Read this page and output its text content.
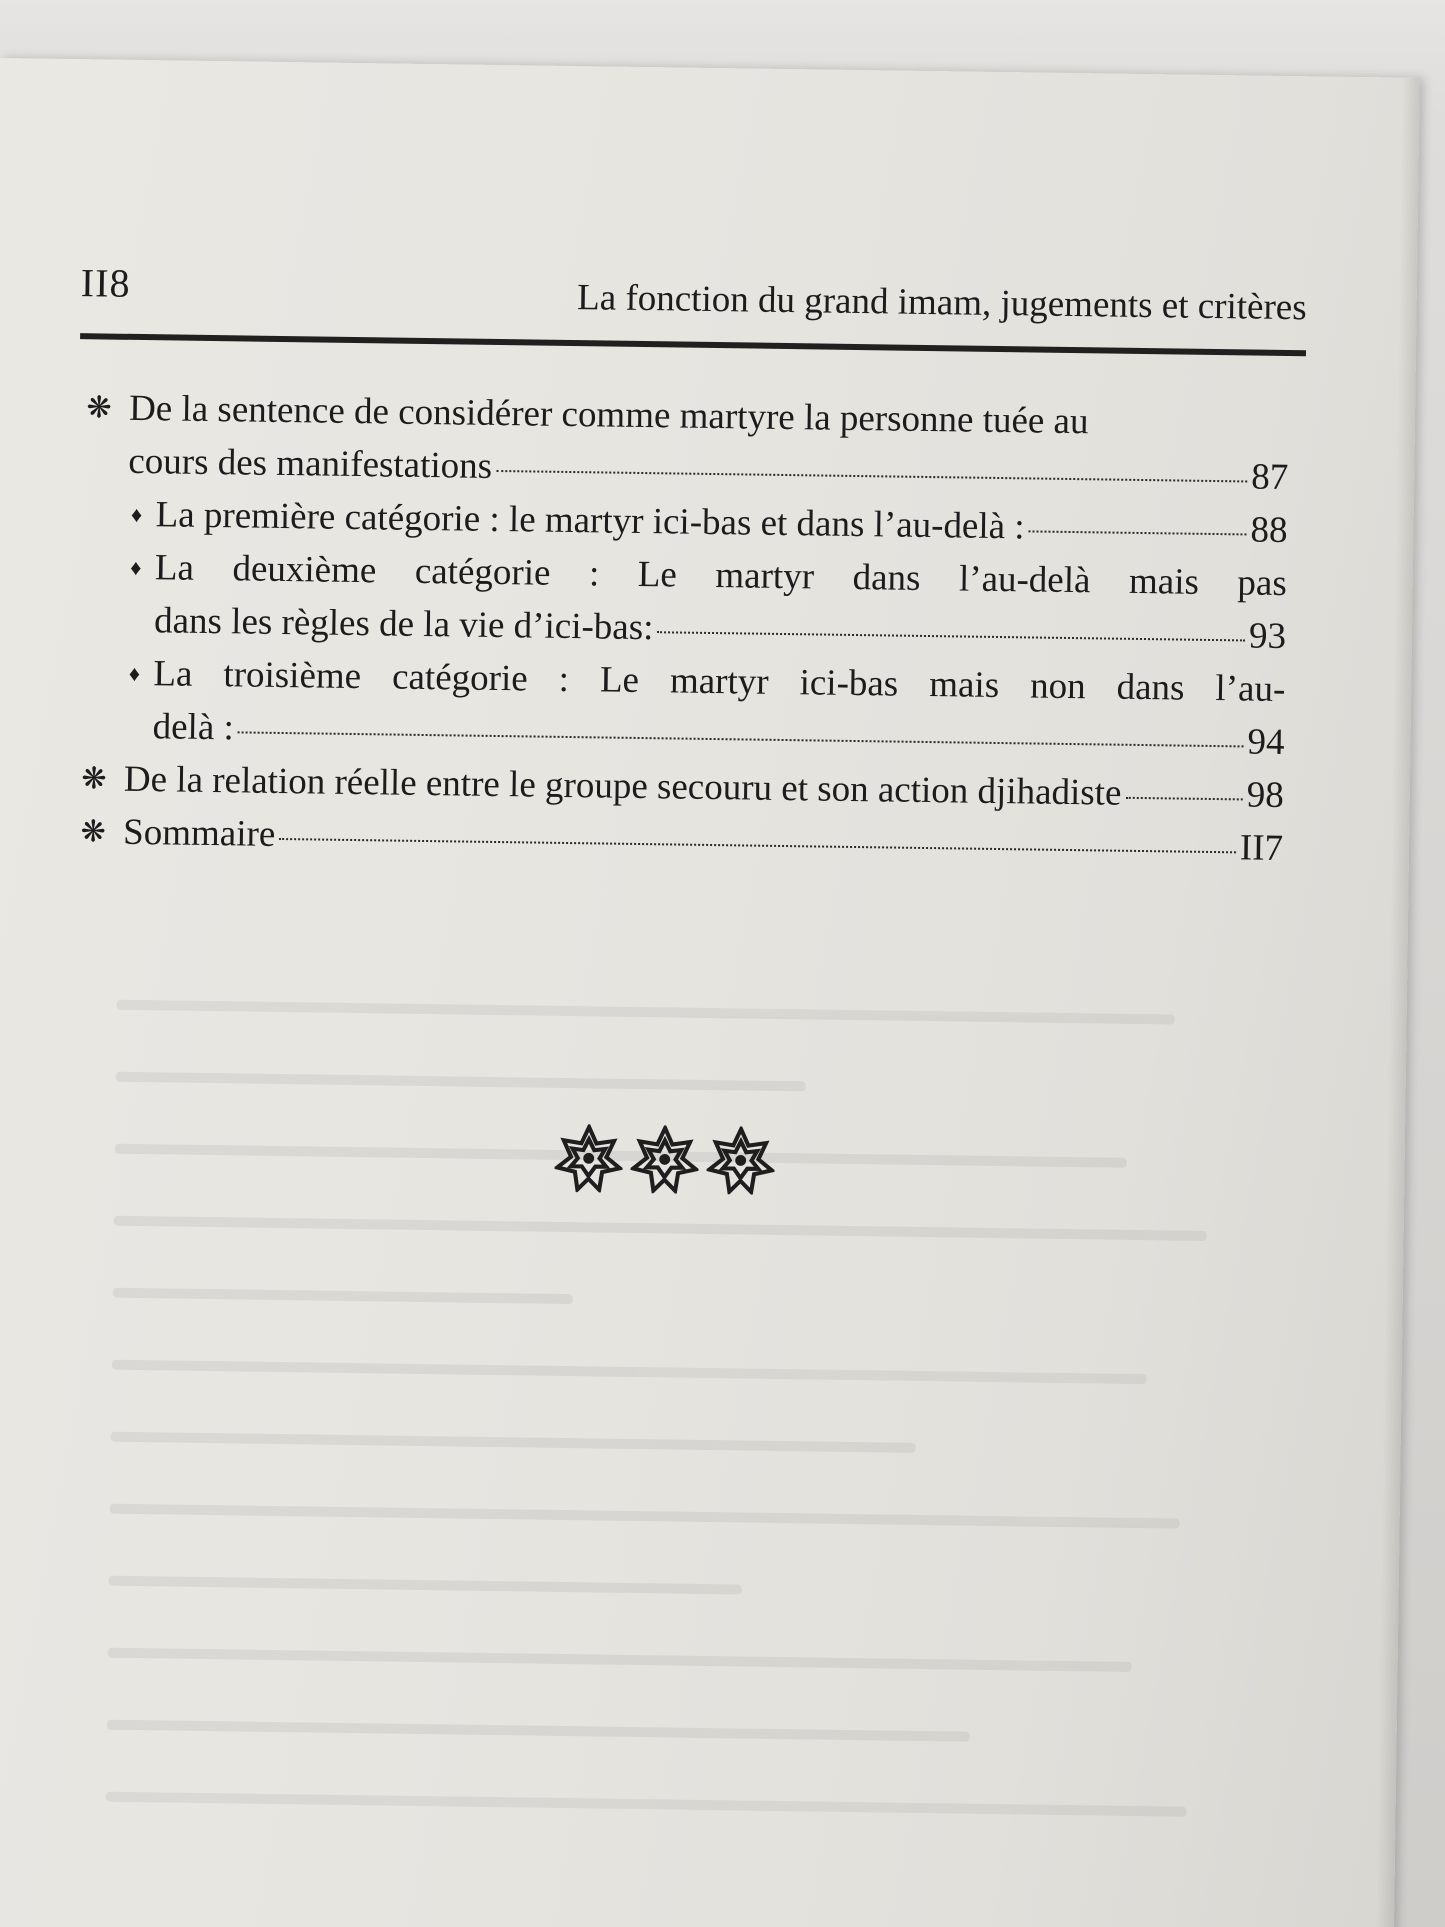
II8	La fonction du grand imam, jugements et critères
❋ De la sentence de considérer comme martyre la personne tuée au
cours des manifestations	87
♦ La première catégorie : le martyr ici-bas et dans l’au-delà :	88
♦ La deuxième catégorie : Le martyr dans l’au-delà mais pas
dans les règles de la vie d’ici-bas:	93
♦ La troisième catégorie : Le martyr ici-bas mais non dans l’au-
delà :	94
❋ De la relation réelle entre le groupe secouru et son action djihadiste	98
❋ Sommaire	II7
